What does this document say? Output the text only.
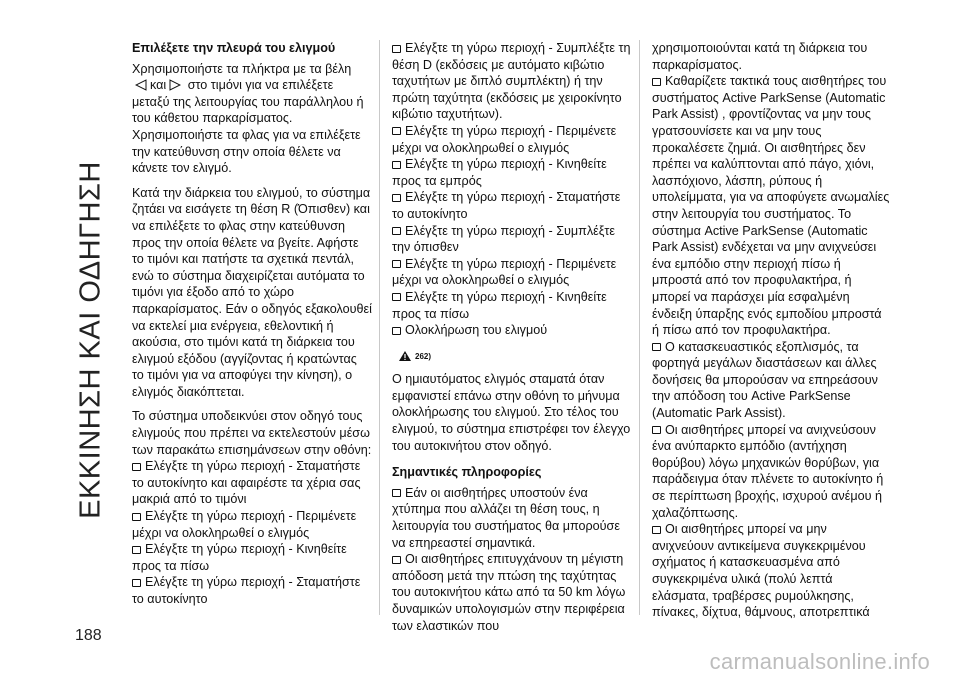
ΕΚΚΙΝΗΣΗ ΚΑΙ ΟΔΗΓΗΣΗ
Επιλέξετε την πλευρά του ελιγμού

Χρησιμοποιήστε τα πλήκτρα με τα βέλη και στο τιμόνι για να επιλέξετε μεταξύ της λειτουργίας του παράλληλου ή του κάθετου παρκαρίσματος. Χρησιμοποιήστε τα φλας για να επιλέξετε την κατεύθυνση στην οποία θέλετε να κάνετε τον ελιγμό.

Κατά την διάρκεια του ελιγμού, το σύστημα ζητάει να εισάγετε τη θέση R (Όπισθεν) και να επιλέξετε το φλας στην κατεύθυνση προς την οποία θέλετε να βγείτε. Αφήστε το τιμόνι και πατήστε τα σχετικά πεντάλ, ενώ το σύστημα διαχειρίζεται αυτόματα το τιμόνι για έξοδο από το χώρο παρκαρίσματος. Εάν ο οδηγός εξακολουθεί να εκτελεί μια ενέργεια, εθελοντική ή ακούσια, στο τιμόνι κατά τη διάρκεια του ελιγμού εξόδου (αγγίζοντας ή κρατώντας το τιμόνι για να αποφύγει την κίνηση), ο ελιγμός διακόπτεται.

Το σύστημα υποδεικνύει στον οδηγό τους ελιγμούς που πρέπει να εκτελεστούν μέσω των παρακάτω επισημάνσεων στην οθόνη:

Ελέγξτε τη γύρω περιοχή - Σταματήστε το αυτοκίνητο και αφαιρέστε τα χέρια σας μακριά από το τιμόνι
Ελέγξτε τη γύρω περιοχή - Περιμένετε μέχρι να ολοκληρωθεί ο ελιγμός
Ελέγξτε τη γύρω περιοχή - Κινηθείτε προς τα πίσω
Ελέγξτε τη γύρω περιοχή - Σταματήστε το αυτοκίνητο
Ελέγξτε τη γύρω περιοχή - Συμπλέξτε τη θέση D (εκδόσεις με αυτόματο κιβώτιο ταχυτήτων με διπλό συμπλέκτη) ή την πρώτη ταχύτητα (εκδόσεις με χειροκίνητο κιβώτιο ταχυτήτων).
Ελέγξτε τη γύρω περιοχή - Περιμένετε μέχρι να ολοκληρωθεί ο ελιγμός
Ελέγξτε τη γύρω περιοχή - Κινηθείτε προς τα εμπρός
Ελέγξτε τη γύρω περιοχή - Σταματήστε το αυτοκίνητο
Ελέγξτε τη γύρω περιοχή - Συμπλέξτε την όπισθεν
Ελέγξτε τη γύρω περιοχή - Περιμένετε μέχρι να ολοκληρωθεί ο ελιγμός
Ελέγξτε τη γύρω περιοχή - Κινηθείτε προς τα πίσω
Ολοκλήρωση του ελιγμού
262)

Ο ημιαυτόματος ελιγμός σταματά όταν εμφανιστεί επάνω στην οθόνη το μήνυμα ολοκλήρωσης του ελιγμού. Στο τέλος του ελιγμού, το σύστημα επιστρέφει τον έλεγχο του αυτοκινήτου στον οδηγό.

Σημαντικές πληροφορίες
Εάν οι αισθητήρες υποστούν ένα χτύπημα που αλλάζει τη θέση τους, η λειτουργία του συστήματος θα μπορούσε να επηρεαστεί σημαντικά.
Οι αισθητήρες επιτυγχάνουν τη μέγιστη απόδοση μετά την πτώση της ταχύτητας του αυτοκινήτου κάτω από τα 50 km λόγω δυναμικών υπολογισμών στην περιφέρεια των ελαστικών που

χρησιμοποιούνται κατά τη διάρκεια του παρκαρίσματος.

Καθαρίζετε τακτικά τους αισθητήρες του συστήματος Active ParkSense (Automatic Park Assist) , φροντίζοντας να μην τους γρατσουνίσετε και να μην τους προκαλέσετε ζημιά. Οι αισθητήρες δεν πρέπει να καλύπτονται από πάγο, χιόνι, λασπόχιονο, λάσπη, ρύπους ή υπολείμματα, για να αποφύγετε ανωμαλίες στην λειτουργία του συστήματος. Το σύστημα Active ParkSense (Automatic Park Assist) ενδέχεται να μην ανιχνεύσει ένα εμπόδιο στην περιοχή πίσω ή μπροστά από τον προφυλακτήρα, ή μπορεί να παράσχει μία εσφαλμένη ένδειξη ύπαρξης ενός εμποδίου μπροστά ή πίσω από τον προφυλακτήρα.
Ο κατασκευαστικός εξοπλισμός, τα φορτηγά μεγάλων διαστάσεων και άλλες δονήσεις θα μπορούσαν να επηρεάσουν την απόδοση του Active ParkSense (Automatic Park Assist).
Οι αισθητήρες μπορεί να ανιχνεύσουν ένα ανύπαρκτο εμπόδιο (αντήχηση θορύβου) λόγω μηχανικών θορύβων, για παράδειγμα όταν πλένετε το αυτοκίνητο ή σε περίπτωση βροχής, ισχυρού ανέμου ή χαλαζόπτωσης.
Οι αισθητήρες μπορεί να μην ανιχνεύουν αντικείμενα συγκεκριμένου σχήματος ή κατασκευασμένα από συγκεκριμένα υλικά (πολύ λεπτά ελάσματα, τραβέρσες ρυμούλκησης, πίνακες, δίχτυα, θάμνους, αποτρεπτικά
188
carmanualsonline.info
